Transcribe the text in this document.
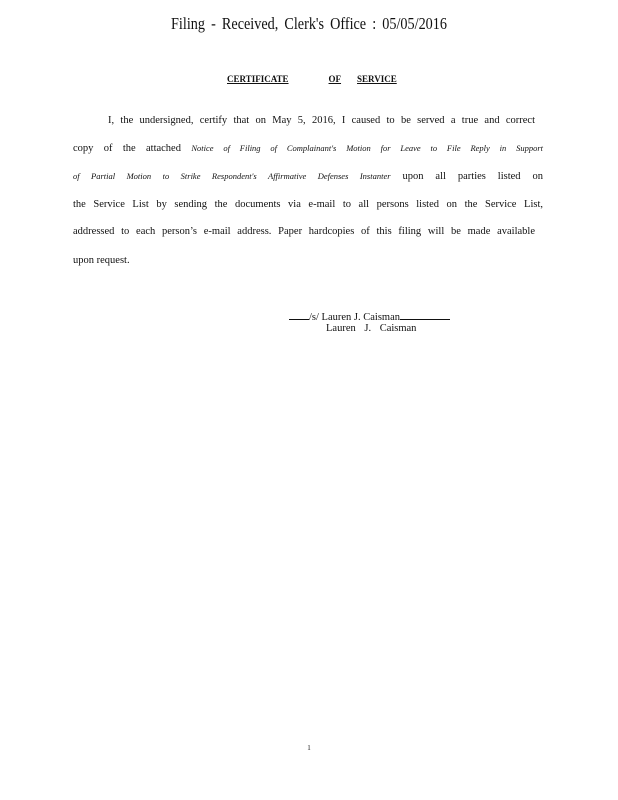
Filing - Received, Clerk's Office : 05/05/2016
CERTIFICATE	OF SERVICE
I, the undersigned, certify that on May 5, 2016, I caused to be served a true and correct
copy of the attached Notice of Filing of Complainant's Motion for Leave to File Reply in Support
of Partial Motion to Strike Respondent's Affirmative Defenses Instanter upon all parties listed on
the Service List by sending the documents via e-mail to all persons listed on the Service List,
addressed to each person’s e-mail address. Paper hardcopies of this filing will be made available
upon request.
/s/ Lauren J. Caisman
Lauren J. Caisman
1
